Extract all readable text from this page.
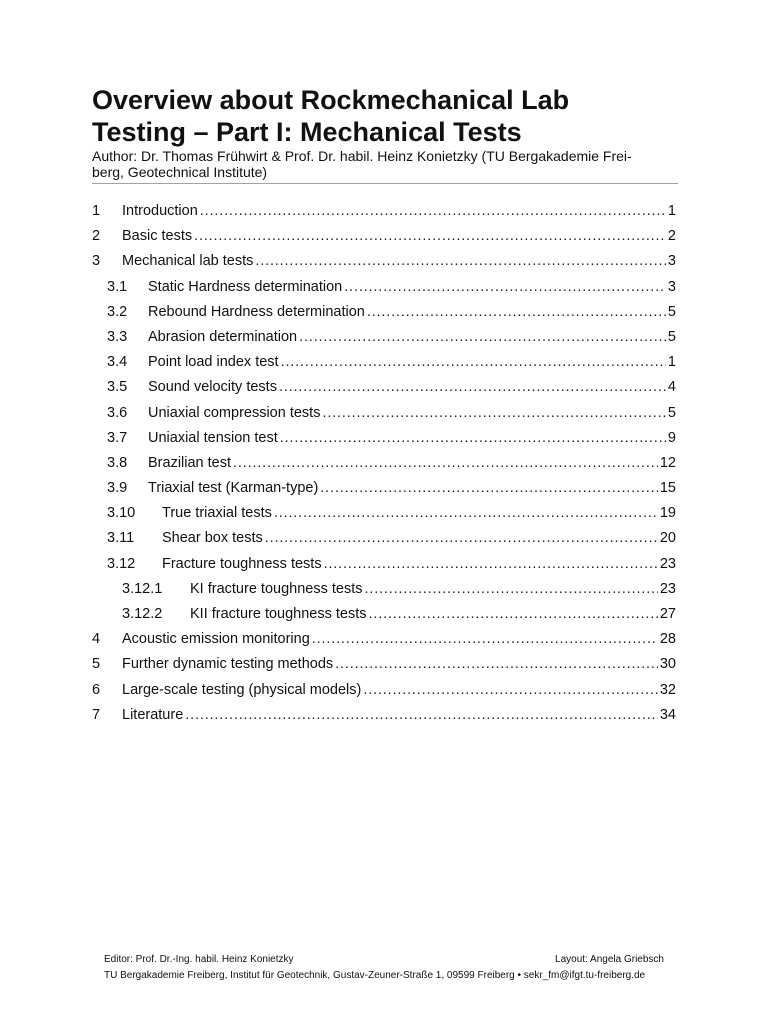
Overview about Rockmechanical Lab
Testing – Part I: Mechanical Tests
Author: Dr. Thomas Frühwirt & Prof. Dr. habil. Heinz Konietzky (TU Bergakademie Frei-
berg, Geotechnical Institute)
1 Introduction . . .	1
2 Basic tests . . .	2
3 Mechanical lab tests . . .	3
3.1 Static Hardness determination . . .	3
3.2 Rebound Hardness determination . . .	5
3.3 Abrasion determination . . .	5
3.4 Point load index test . . .	1
3.5 Sound velocity tests . . .	4
3.6 Uniaxial compression tests . . .	5
3.7 Uniaxial tension test . . .	9
3.8 Brazilian test . . .	12
3.9 Triaxial test (Karman-type) . . .	15
3.10 True triaxial tests . . .	19
3.11 Shear box tests . . .	20
3.12 Fracture toughness tests . . .	23
3.12.1 KI fracture toughness tests . . .	23
3.12.2 KII fracture toughness tests . . .	27
4 Acoustic emission monitoring . . .	28
5 Further dynamic testing methods . . .	30
6 Large-scale testing (physical models) . . .	32
7 Literature . . .	34
Editor: Prof. Dr.-Ing. habil. Heinz Konietzky	Layout: Angela Griebsch
TU Bergakademie Freiberg, Institut für Geotechnik, Gustav-Zeuner-Straße 1, 09599 Freiberg • sekr_fm@ifgt.tu-freiberg.de
